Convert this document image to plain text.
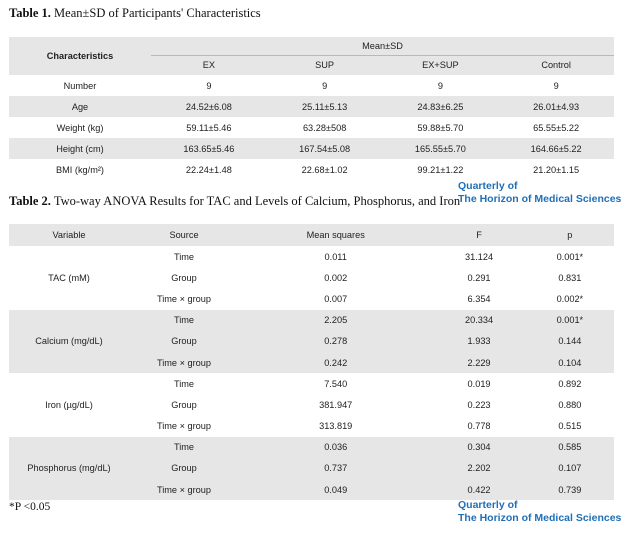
Table 1. Mean±SD of Participants' Characteristics
Characteristics	Mean±SD			
	EX	SUP	EX+SUP	Control
Number	9	9	9	9
Age	24.52±6.08	25.11±5.13	24.83±6.25	26.01±4.93
Weight (kg)	59.11±5.46	63.28±508	59.88±5.70	65.55±5.22
Height (cm)	163.65±5.46	167.54±5.08	165.55±5.70	164.66±5.22
BMI (kg/m²)	22.24±1.48	22.68±1.02	99.21±1.22	21.20±1.15
Quarterly of
The Horizon of Medical Sciences
Table 2. Two-way ANOVA Results for TAC and Levels of Calcium, Phosphorus, and Iron
Variable	Source	Mean squares	F	p
TAC (mM)	Time	0.011	31.124	0.001*
	Group	0.002	0.291	0.831
	Time × group	0.007	6.354	0.002*
Calcium (mg/dL)	Time	2.205	20.334	0.001*
	Group	0.278	1.933	0.144
	Time × group	0.242	2.229	0.104
Iron (µg/dL)	Time	7.540	0.019	0.892
	Group	381.947	0.223	0.880
	Time × group	313.819	0.778	0.515
Phosphorus (mg/dL)	Time	0.036	0.304	0.585
	Group	0.737	2.202	0.107
	Time × group	0.049	0.422	0.739
*P <0.05	Quarterly of
The Horizon of Medical Sciences
